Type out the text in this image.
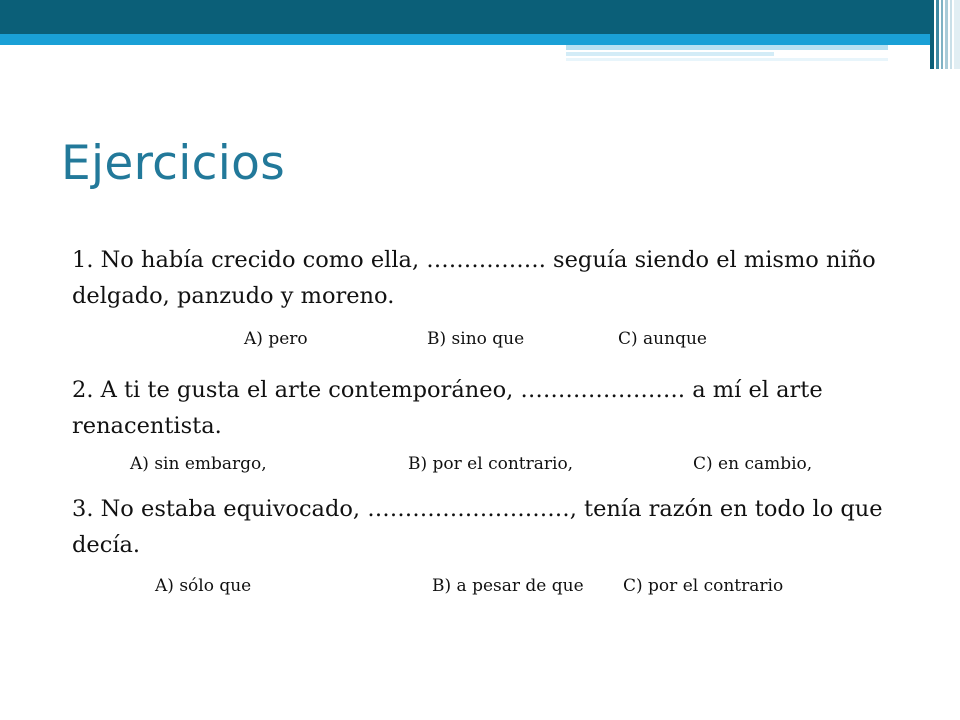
Ejercicios

1. No había crecido como ella, ……………. seguía siendo el mismo niño delgado, panzudo y moreno.

A) pero	B) sino que	C) aunque

2. A ti te gusta el arte contemporáneo, …………………. a mí el arte renacentista.

A) sin embargo,	B) por el contrario,	C) en cambio,

3. No estaba equivocado, ………………………, tenía razón en todo lo que decía.

A) sólo que	B) a pesar de que C) por el contrario
